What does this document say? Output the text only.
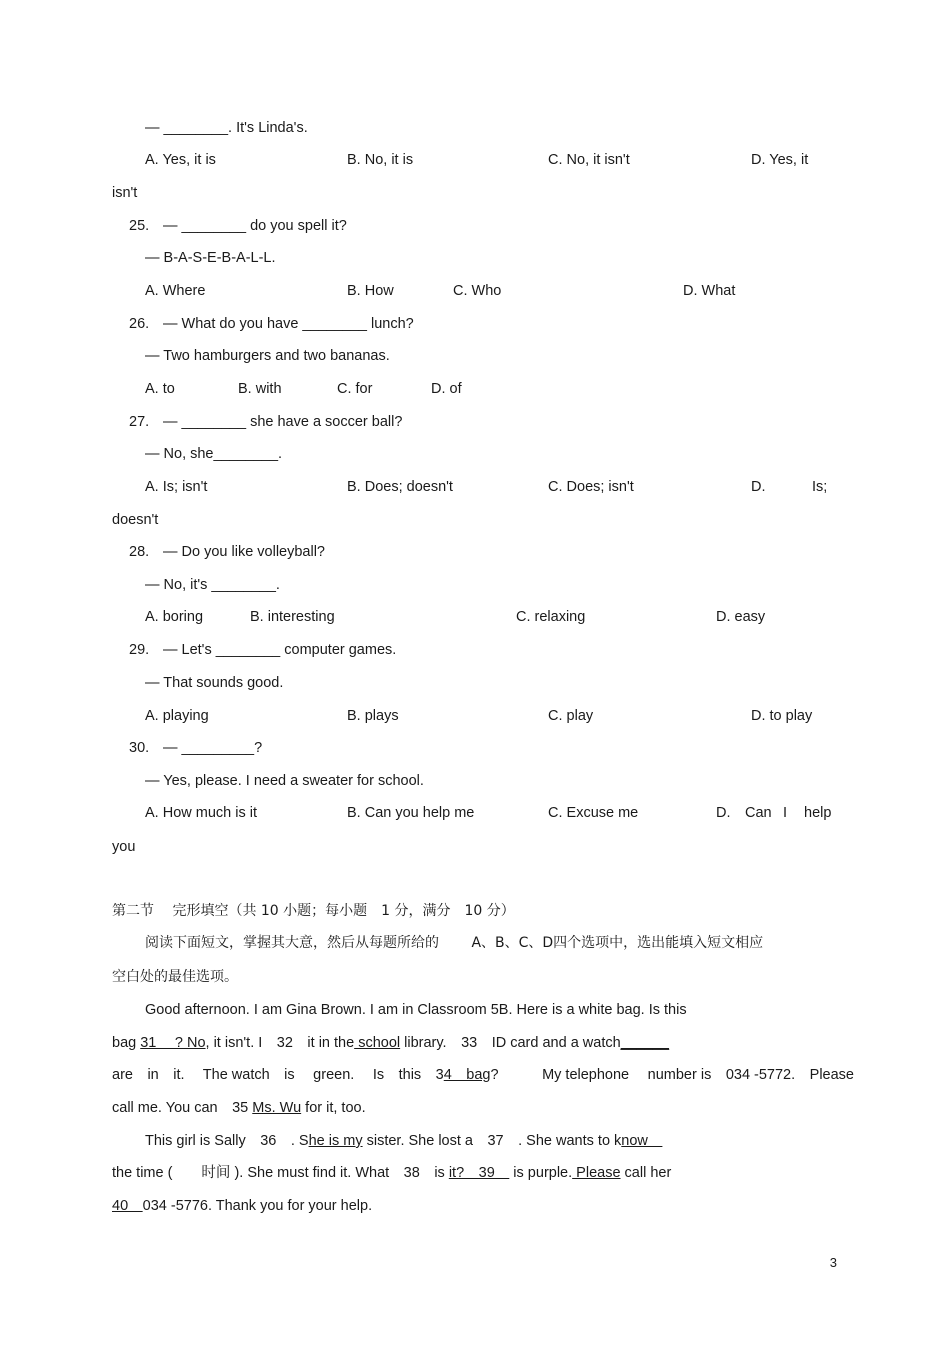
— ________. It's Linda's.
A. Yes, it is	B. No, it is	C. No, it isn't	D. Yes, it
isn't
25. — ________ do you spell it?
— B-A-S-E-B-A-L-L.
A. Where	B. How	C. Who	D. What
26. — What do you have ________ lunch?
— Two hamburgers and two bananas.
A. to	B. with	C. for	D. of
27. — ________ she have a soccer ball?
— No, she________.
A. Is; isn't	B. Does; doesn't	C. Does; isn't	D.	Is;
doesn't
28. — Do you like volleyball?
— No, it's ________.
A. boring	B. interesting	C. relaxing	D. easy
29. — Let's ________ computer games.
— That sounds good.
A. playing	B. plays	C. play	D. to play
30. — _________?
— Yes, please. I need a sweater for school.
A. How much is it	B. Can you help me	C. Excuse me	D. Can I help
you
第二节　 完形填空（共 10 小题；每小题　1 分，满分　10 分）
阅读下面短文，掌握其大意，然后从每题所给的　　 A、B、C、D四个选项中，选出能填入短文相应
空白处的最佳选项。
Good afternoon. I am Gina Brown. I am in Classroom 5B. Here is a white bag. Is this
bag 31 　? No, it isn't. I　32　it in the school library.　33　ID card and a watch______
are　in　it.　 The watch　is　 green.　 Is　this　34　bag?　　　My telephone　 number is　034 -5772.　Please
call me. You can　35 Ms. Wu for it, too.
This girl is Sally　36　. She is my sister. She lost a　37　. She wants to know　
the time (　　时间 ). She must find it. What　38　is it?　39　 is purple. Please call her
40　034 -5776. Thank you for your help.
3
